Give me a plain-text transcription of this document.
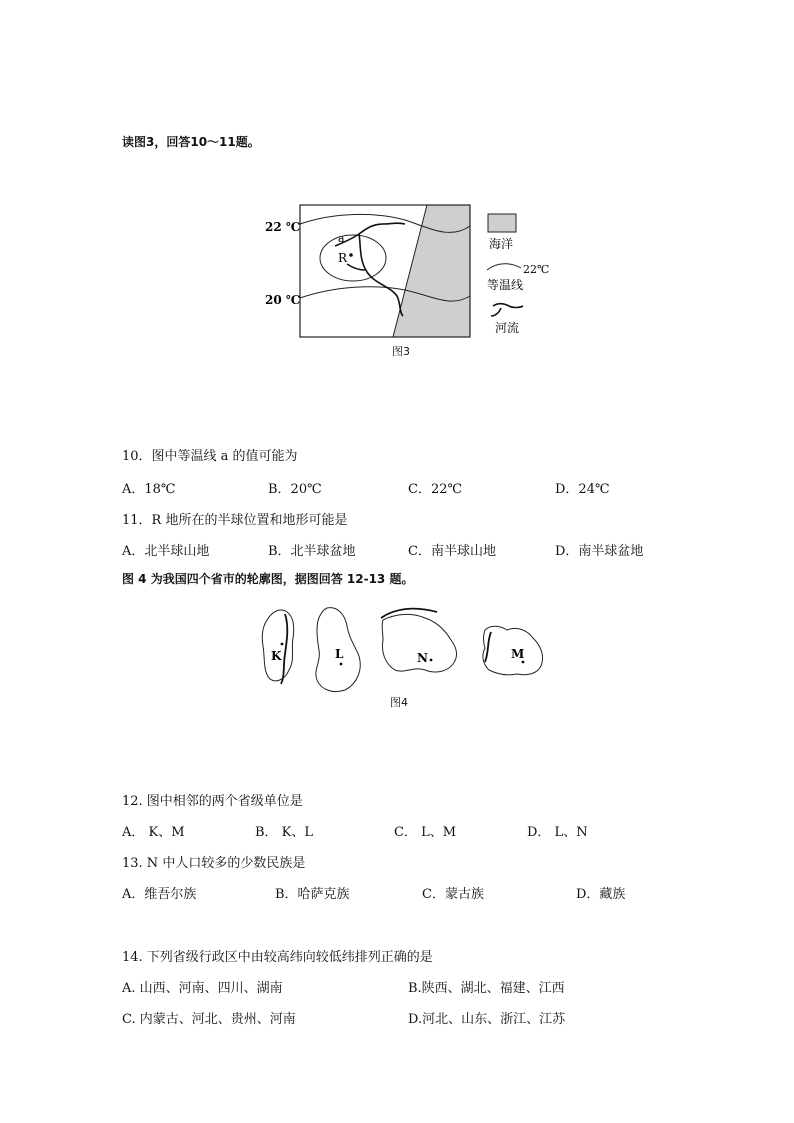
读图3，回答10～11题。
a
R
22 ℃
20 ℃
海洋
22℃
等温线
河流
图3
10．图中等温线 a 的值可能为
A．18℃	B．20℃	C．22℃	D．24℃
11．R 地所在的半球位置和地形可能是
A．北半球山地	B．北半球盆地	C．南半球山地	D．南半球盆地
图 4 为我国四个省市的轮廓图，据图回答 12-13 题。
K	L	N	M
图4
12. 图中相邻的两个省级单位是
A． K、M	B． K、L	C． L、M	D． L、N
13. N 中人口较多的少数民族是
A．维吾尔族	B．哈萨克族	C．蒙古族	D．藏族
14. 下列省级行政区中由较高纬向较低纬排列正确的是
A. 山西、河南、四川、湖南	B.陕西、湖北、福建、江西
C. 内蒙古、河北、贵州、河南	D.河北、山东、浙江、江苏
